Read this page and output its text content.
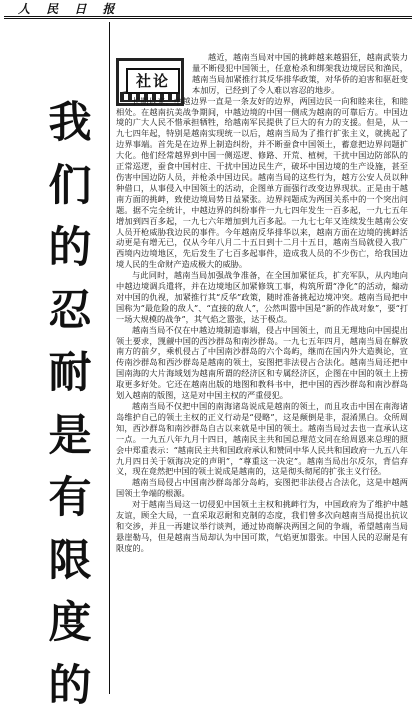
人 民 日 报
我
们
的
忍
耐
是
有
限
度
的
社论

越近，越南当局对中国的挑衅越来越猖狂，越南武装力量不断侵犯中国领土，任意枪杀和绑架我边境居民和渔民，越南当局加紧推行其反华排华政策，对华侨的迫害和驱赶变本加厉，已经到了令人难以容忍的地步。

长期以来，中越边界一直是一条友好的边界，两国边民一向和睦来往，和睦相处。在越南抗美战争期间，中越边境的中国一侧成为越南的可靠后方。中国边境的广大人民不惜承担牺牲，给越南军民提供了巨大的有力的支援。但是，从一九七四年起，特别是越南实现统一以后，越南当局为了推行扩张主义，就挑起了边界事端。首先是在边界上制造纠纷，并不断蚕食中国领土，蓄意把边界问题扩大化。他们经常越界到中国一侧巡逻、修路、开荒、植树，干扰中国边防部队的正常巡逻，蚕食中国村庄、干扰中国边民生产，破坏中国边境的生产设施，甚至伤害中国边防人员，并枪杀中国边民。越南当局的这些行为，越方公安人员以种种借口，从事侵入中国领土的活动，企图单方面强行改变边界现状。正是由于越南方面的挑衅，致使边境局势日益紧张。边界问题成为两国关系中的一个突出问题。据不完全统计，中越边界的纠纷事件一九七四年发生一百多起，一九七五年增加到四百多起，一九七六年增加到九百多起。一九七七年又连续发生越南公安人员开枪威胁我边民的事件。今年越南反华排华以来，越南方面在边境的挑衅活动更是有增无已，仅从今年八月二十五日到十二月十五日，越南当局就侵入我广西境内边境地区，先后发生了七百多起事件，造成我人员的不少伤亡，给我国边境人民的生命财产造成极大的威胁。

与此同时，越南当局加强战争准备，在全国加紧征兵，扩充军队，从内地向中越边境调兵遣将，并在边境地区加紧修筑工事，构筑所谓“净化”的活动，煽动对中国的仇视，加紧推行其“反华”政策，随时准备挑起边境冲突。越南当局把中国称为“最危险的敌人”、“直接的敌人”，公然叫嚣中国是“新的作战对象”，要“打一场大规模的战争”，其气焰之嚣张，达于极点。

越南当局不仅在中越边境制造事端，侵占中国领土，而且无理地向中国提出领土要求，觊觎中国的西沙群岛和南沙群岛。一九七五年四月，越南当局在解放南方的前夕，乘机侵占了中国南沙群岛的六个岛屿，继而在国内外大造舆论，宣传南沙群岛和西沙群岛是越南的领土，妄图把非法侵占合法化。越南当局还把中国南海的大片海域划为越南所谓的经济区和专属经济区，企图在中国的领土上捞取更多好处。它还在越南出版的地图和教科书中，把中国的西沙群岛和南沙群岛划入越南的版图，这是对中国主权的严重侵犯。

越南当局不仅把中国的南海诸岛说成是越南的领土，而且攻击中国在南海诸岛维护自己的领土主权的正义行动是“侵略”，这是颠倒是非，混淆黑白。众所周知，西沙群岛和南沙群岛自古以来就是中国的领土。越南当局过去也一直承认这一点。一九五八年九月十四日，越南民主共和国总理范文同在给周恩来总理的照会中郑重表示：“越南民主共和国政府承认和赞同中华人民共和国政府一九五八年九月四日关于领海决定的声明”，“尊重这一决定”。越南当局出尔反尔，背信弃义，现在竟然把中国的领土说成是越南的，这是彻头彻尾的扩张主义行径。

越南当局侵占中国南沙群岛部分岛屿，妄图把非法侵占合法化，这是中越两国领土争端的根源。

对于越南当局这一切侵犯中国领土主权和挑衅行为，中国政府为了维护中越友谊，顾全大局，一直采取忍耐和克制的态度，我们曾多次向越南当局提出抗议和交涉，并且一再建议举行谈判，通过协商解决两国之间的争端，希望越南当局悬崖勒马，但是越南当局却认为中国可欺，气焰更加嚣张。中国人民的忍耐是有限度的。
